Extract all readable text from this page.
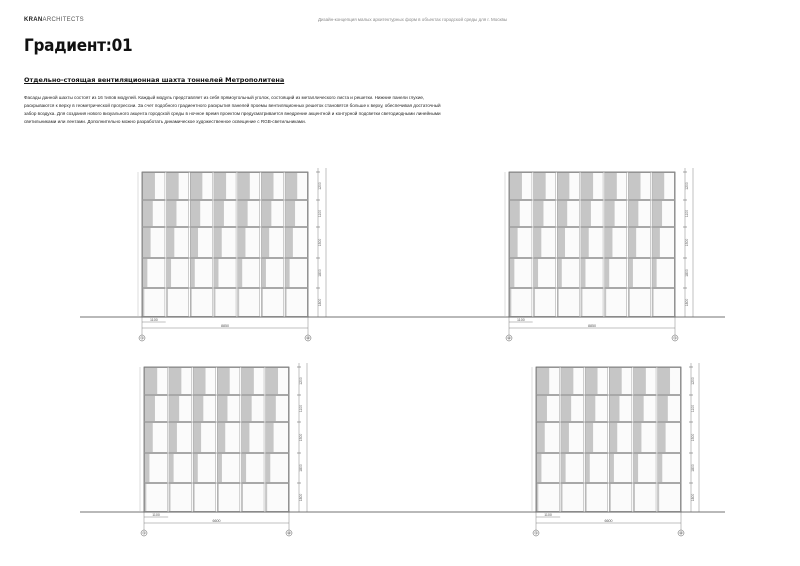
KRANARCHITECTS	Дизайн-концепция малых архитектурных форм в объектах городской среды для г. Москвы
Градиент:01
Отдельно-стоящая вентиляционная шахта тоннелей Метрополитена
Фасады данной шахты состоят из 16 типов модулей. Каждый модуль представляет из себя прямоугольный уголок, состоящий из металлического листа и решетки. Нижние панели глухие, раскрываются к верху в геометрической прогрессии. За счет подобного градиентного раскрытия панелей проемы вентиляционных решеток становятся больше к верху, обеспечивая достаточный забор воздуха. Для создания нового визуального акцента городской среды в ночное время проектом предусматривается внедрение акцентной и контурной подсветки светодиодными линейными светильниками или лентами. Дополнительно можно разработать динамическое художественное освещение с RGB-светильниками.
1200
1100
1500
1800
1800
1100
8850
①	④
1200
1100
1500
1800
1800
1100
8850
④	①
1200
1100
1500
1800
1800
1100
6600
①	④
1200
1100
1500
1800
1800
1100
6600
①	④
